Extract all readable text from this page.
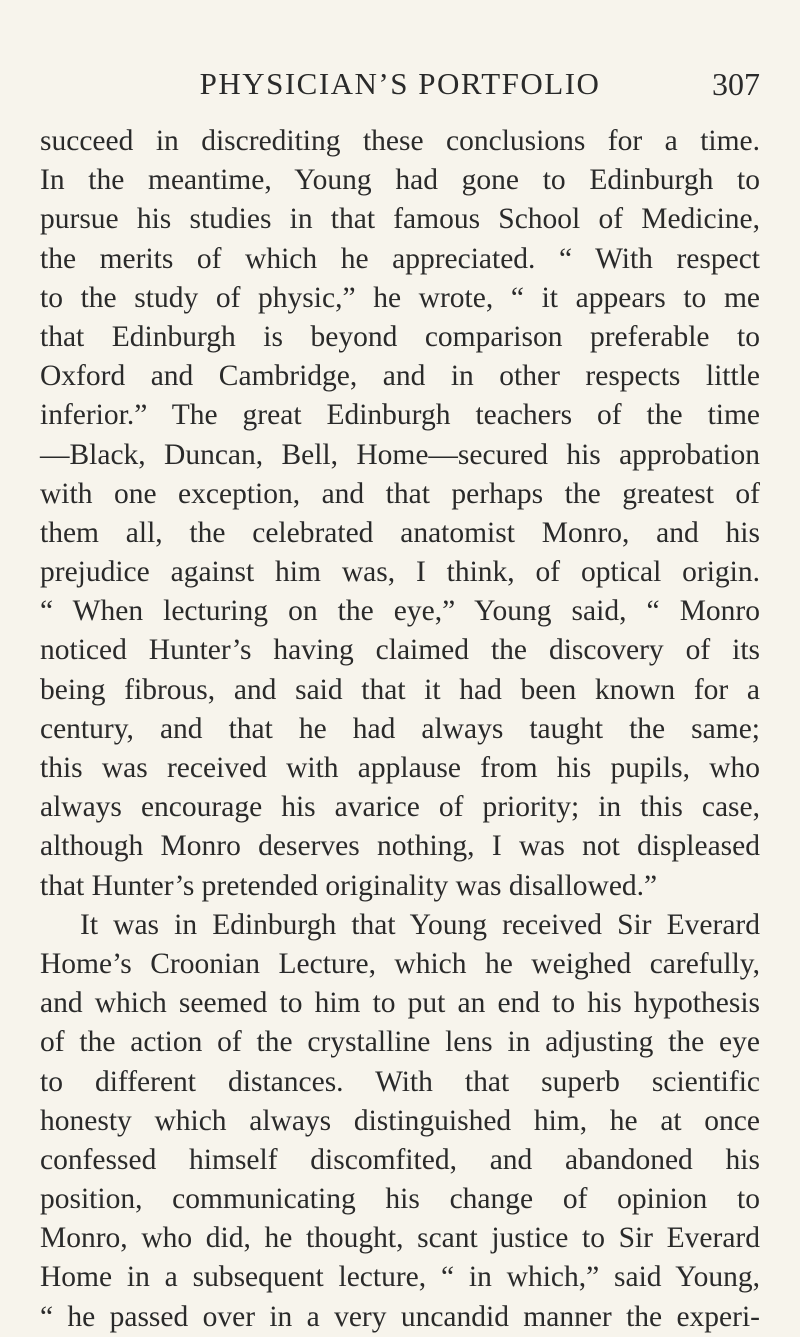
PHYSICIAN’S PORTFOLIO	307
succeed in discrediting these conclusions for a time.
In the meantime, Young had gone to Edinburgh to
pursue his studies in that famous School of Medicine,
the merits of which he appreciated. “ With respect
to the study of physic,” he wrote, “ it appears to me
that Edinburgh is beyond comparison preferable to
Oxford and Cambridge, and in other respects little
inferior.” The great Edinburgh teachers of the time
—Black, Duncan, Bell, Home—secured his approbation
with one exception, and that perhaps the greatest of
them all, the celebrated anatomist Monro, and his
prejudice against him was, I think, of optical origin.
“ When lecturing on the eye,” Young said, “ Monro
noticed Hunter’s having claimed the discovery of its
being fibrous, and said that it had been known for a
century, and that he had always taught the same;
this was received with applause from his pupils, who
always encourage his avarice of priority; in this case,
although Monro deserves nothing, I was not displeased
that Hunter’s pretended originality was disallowed.”
It was in Edinburgh that Young received Sir Everard
Home’s Croonian Lecture, which he weighed carefully,
and which seemed to him to put an end to his hypothesis
of the action of the crystalline lens in adjusting the eye
to different distances. With that superb scientific
honesty which always distinguished him, he at once
confessed himself discomfited, and abandoned his
position, communicating his change of opinion to
Monro, who did, he thought, scant justice to Sir Everard
Home in a subsequent lecture, “ in which,” said Young,
“ he passed over in a very uncandid manner the experi-
